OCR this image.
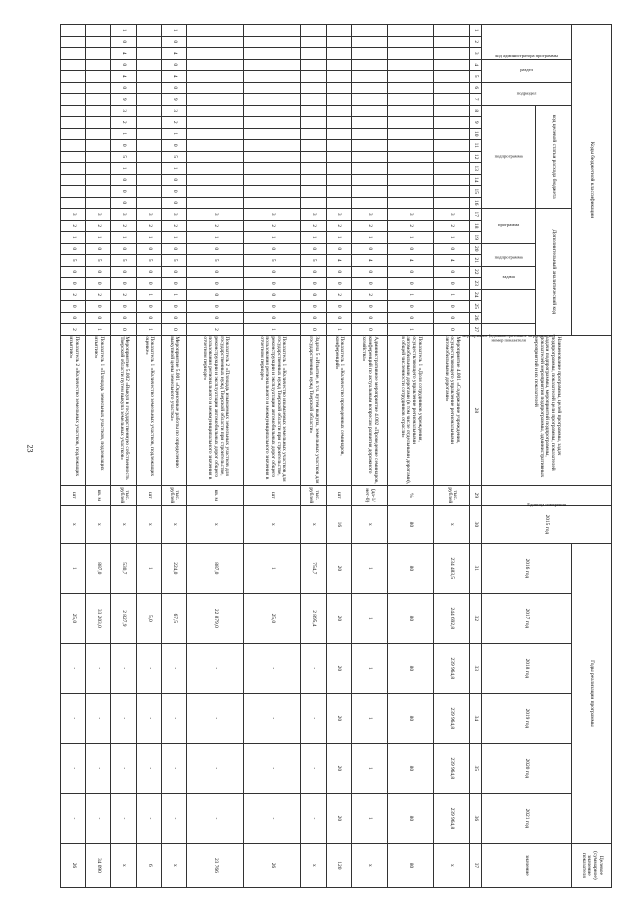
23
Коды бюджетной классификации																											Наименование программы, целей программы, задач подпрограммы, показателей цели программы, показателей задачи подпрограммы, мероприятий подпрограммы, показателей мероприятия подпрограммы, административных мероприятий и их показателей	Единица измерения	2015 год	Годы реализации программы						Целевое (суммарное) значение показателя
код администратора программы			раздел		подраздел		код целевой статьи расхода бюджета									Дополнительный аналитический код														2016 год	2017 год	2018 год	2019 год	2020 год	2021 год	значение
							подпрограмма									программа			подпрограмма		задача		мероприятие (административное мероприятие)			номер показателя										
1	2	3	4	5	6	7	8	9	10	11	12	13	14	15	16	17	18	19	20	21	22	23	24	25	26	27	28	29	30	31	32	33	34	35	36	37
																3	2	1	0	4	0	0	1	0	0	0	Мероприятие 4.001 «Содержание учреждения, осуществляющего управление региональными автомобильными дорогами»	тыс. рублей	х	234 483,5	244 692,8	239 964,8	239 964,8	239 964,8	239 964,8	х
																3	2	1	0	4	0	0	1	0	0	1	Показатель 1 «Доля сотрудников учреждения, осуществляющего управление региональными автомобильными дорогами (в том числе отдельными дорогами), в общей численности сотрудников отрасли»	%	80	80	80	80	80	80	80	80
																3	2	1	0	4	0	0	2	0	0	0	Административное мероприятие 4.002 «Проведение семинаров, конференций по актуальным вопросам развития дорожного хозяйства»	(да-1/нет-0)	х	1	1	1	1	1	1	х
																3	2	1	0	4	0	0	2	0	0	1	Показатель 1 «Количество проведенных семинаров, конференций»	шт	16	20	20	20	20	20	20	120
																3	2	1	0	5	0	0	0	0	0	0	Задача 5 «Изъятие, в т.ч. путем выкупа, земельных участков для государственных нужд Тверской области»	тыс. рублей	х	754,7	2 895,4	-	-	-	-	х
																3	2	1	0	5	0	0	0	0	0	1	Показатель 1 «Количество изымаемых земельных участков для государственных нужд Тверской области при строительстве, реконструкции и эксплуатации автомобильных дорог общего пользования регионального и межмуниципального значения в отчетном периоде»	шт	х	1	25,0	-	-	-	-	26
																3	2	1	0	5	0	0	0	0	0	2	Показатель 2 «Площадь изымаемых земельных участков для государственных нужд Тверской области при строительстве, реконструкции и эксплуатации автомобильных дорог общего пользования регионального и межмуниципального значения в отчетном периоде»	кв. м	х	887,0	22 879,0	-	-	-	-	23 766
1	0	4	0	4	0	9	3	2	1	0	5	1	0	0	0	3	2	1	0	5	0	0	1	0	0	0	Мероприятие 5.001 «Оценочные работы по определению выкупной цены земельного участка»	тыс. рублей	х	224,0	67,5	-	-	-	-	х
																3	2	1	0	5	0	0	1	0	0	1	Показатель 1 «Количество земельных участков, подлежащих оценке»	шт	х	1	5,0	-	-	-	-	6
1	0	4	0	4	0	9	3	2	1	0	5	1	0	0	0	3	2	1	0	5	0	0	2	0	0	0	Мероприятие 5.002 «Выкуп в государственную собственность Тверской области путем выкупа земельных участков»	тыс. рублей	х	530,7	2 827,9	-	-	-	-	х
																3	2	1	0	5	0	0	2	0	0	1	Показатель 1 «Площадь земельных участков, подлежащих изъятию»	кв. м	х	887,0	33 203,0	-	-	-	-	34 090
																3	2	1	0	5	0	0	2	0	0	2	Показатель 2 «Количество земельных участков, подлежащих изъятию»	шт	х	1	25,0	-	-	-	-	26
